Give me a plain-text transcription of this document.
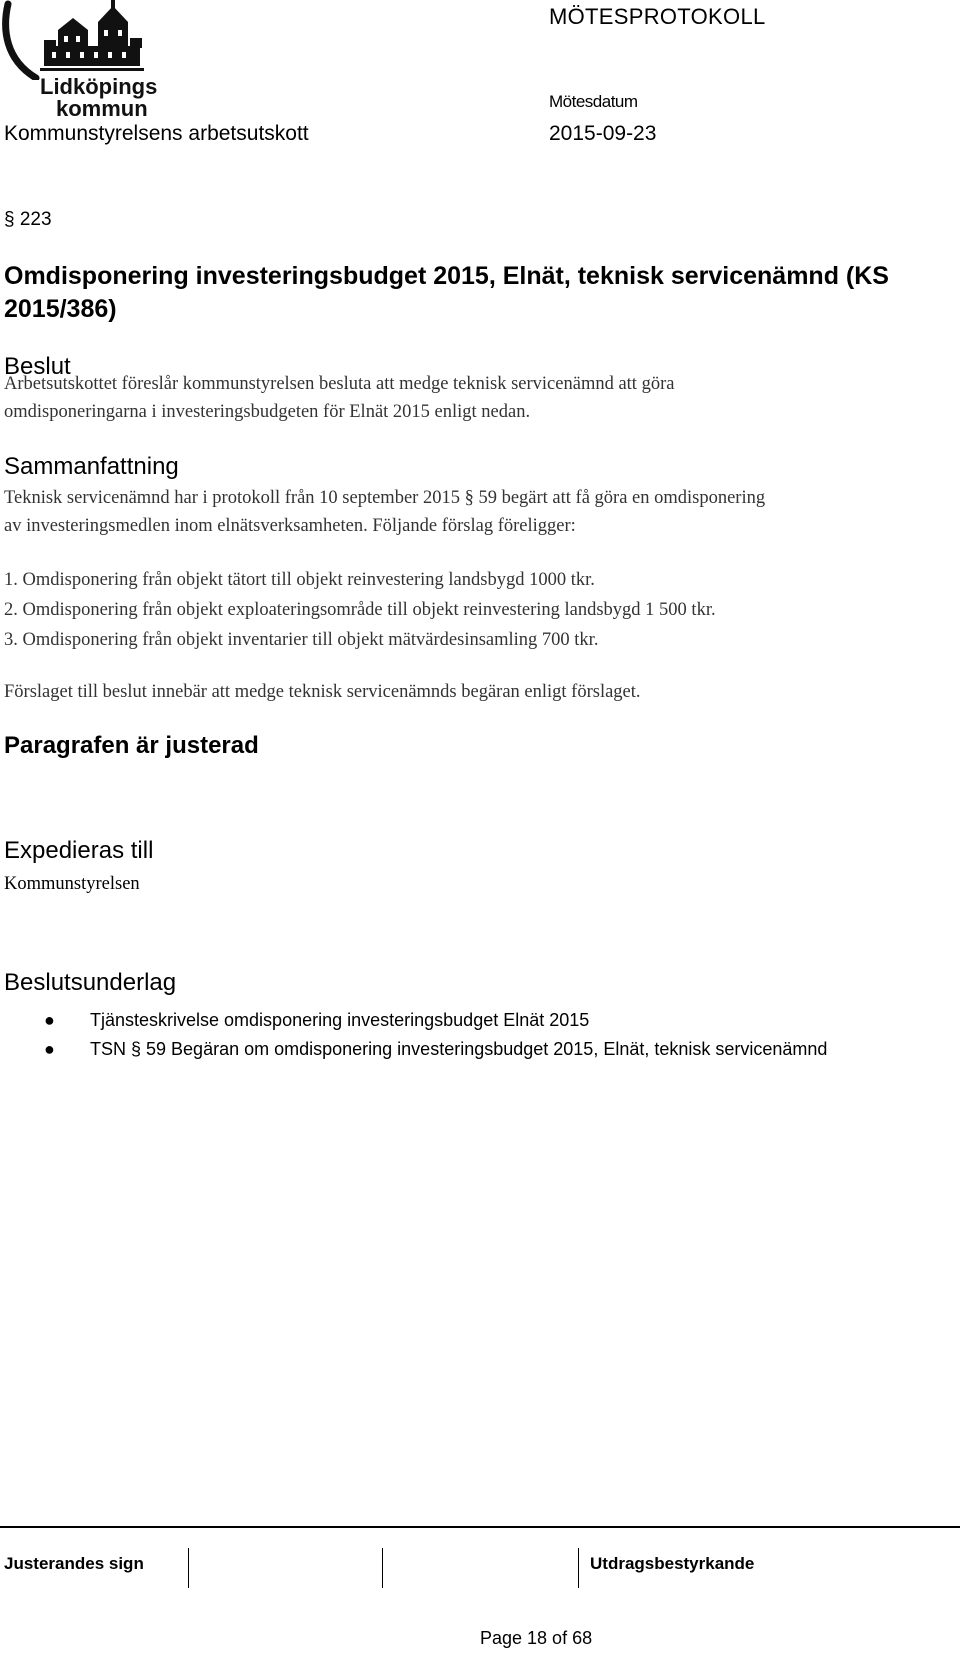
Lidköpings
kommun
MÖTESPROTOKOLL
Mötesdatum
Kommunstyrelsens arbetsutskott	2015-09-23
§ 223
Omdisponering investeringsbudget 2015, Elnät, teknisk servicenämnd (KS 2015/386)
Beslut
Arbetsutskottet föreslår kommunstyrelsen besluta att medge teknisk servicenämnd att göra
omdisponeringarna i investeringsbudgeten för Elnät 2015 enligt nedan.
Sammanfattning
Teknisk servicenämnd har i protokoll från 10 september 2015 § 59 begärt att få göra en omdisponering
av investeringsmedlen inom elnätsverksamheten. Följande förslag föreligger:
1. Omdisponering från objekt tätort till objekt reinvestering landsbygd 1000 tkr.
2. Omdisponering från objekt exploateringsområde till objekt reinvestering landsbygd 1 500 tkr.
3. Omdisponering från objekt inventarier till objekt mätvärdesinsamling 700 tkr.
Förslaget till beslut innebär att medge teknisk servicenämnds begäran enligt förslaget.
Paragrafen är justerad
Expedieras till
Kommunstyrelsen
Beslutsunderlag
● Tjänsteskrivelse omdisponering investeringsbudget Elnät 2015
● TSN § 59 Begäran om omdisponering investeringsbudget 2015, Elnät, teknisk servicenämnd
Justerandes sign	Utdragsbestyrkande
Page 18 of 68
